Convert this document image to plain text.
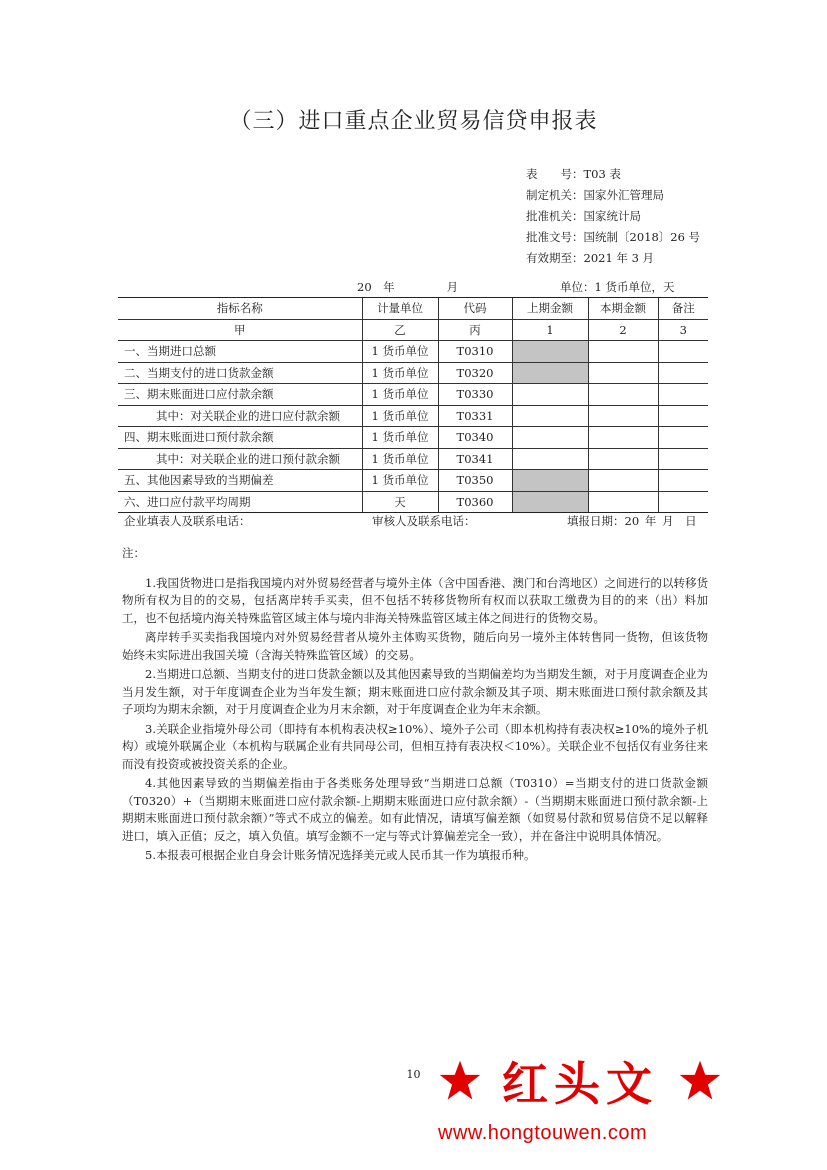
（三）进口重点企业贸易信贷申报表
表　　号：T03 表
制定机关：国家外汇管理局
批准机关：国家统计局
批准文号：国统制〔2018〕26 号
有效期至：2021 年 3 月
20　年	月	单位：1 货币单位，天
指标名称	计量单位	代码	上期金额	本期金额	备注
甲	乙	丙	1	2	3
一、当期进口总额	1 货币单位	T0310			
二、当期支付的进口货款金额	1 货币单位	T0320			
三、期末账面进口应付款余额	1 货币单位	T0330			
其中：对关联企业的进口应付款余额	1 货币单位	T0331			
四、期末账面进口预付款余额	1 货币单位	T0340			
其中：对关联企业的进口预付款余额	1 货币单位	T0341			
五、其他因素导致的当期偏差	1 货币单位	T0350			
六、进口应付款平均周期	天	T0360			
企业填表人及联系电话：	审核人及联系电话：	填报日期：20 年 月  日

注：

1.我国货物进口是指我国境内对外贸易经营者与境外主体（含中国香港、澳门和台湾地区）之间进行的以转移货物所有权为目的的交易，包括离岸转手买卖，但不包括不转移货物所有权而以获取工缴费为目的的来（出）料加工，也不包括境内海关特殊监管区域主体与境内非海关特殊监管区域主体之间进行的货物交易。

离岸转手买卖指我国境内对外贸易经营者从境外主体购买货物，随后向另一境外主体转售同一货物，但该货物始终未实际进出我国关境（含海关特殊监管区域）的交易。

2.当期进口总额、当期支付的进口货款金额以及其他因素导致的当期偏差均为当期发生额，对于月度调查企业为当月发生额，对于年度调查企业为当年发生额；期末账面进口应付款余额及其子项、期末账面进口预付款余额及其子项均为期末余额，对于月度调查企业为月末余额，对于年度调查企业为年末余额。

3.关联企业指境外母公司（即持有本机构表决权≥10%）、境外子公司（即本机构持有表决权≥10%的境外子机构）或境外联属企业（本机构与联属企业有共同母公司，但相互持有表决权＜10%）。关联企业不包括仅有业务往来而没有投资或被投资关系的企业。

4.其他因素导致的当期偏差指由于各类账务处理导致“当期进口总额（T0310）=当期支付的进口货款金额（T0320）+（当期期末账面进口应付款余额-上期期末账面进口应付款余额）-（当期期末账面进口预付款余额-上期期末账面进口预付款余额）”等式不成立的偏差。如有此情况，请填写偏差额（如贸易付款和贸易信贷不足以解释进口，填入正值；反之，填入负值。填写金额不一定与等式计算偏差完全一致），并在备注中说明具体情况。

5.本报表可根据企业自身会计账务情况选择美元或人民币其一作为填报币种。

10	红头文
www.hongtouwen.com
